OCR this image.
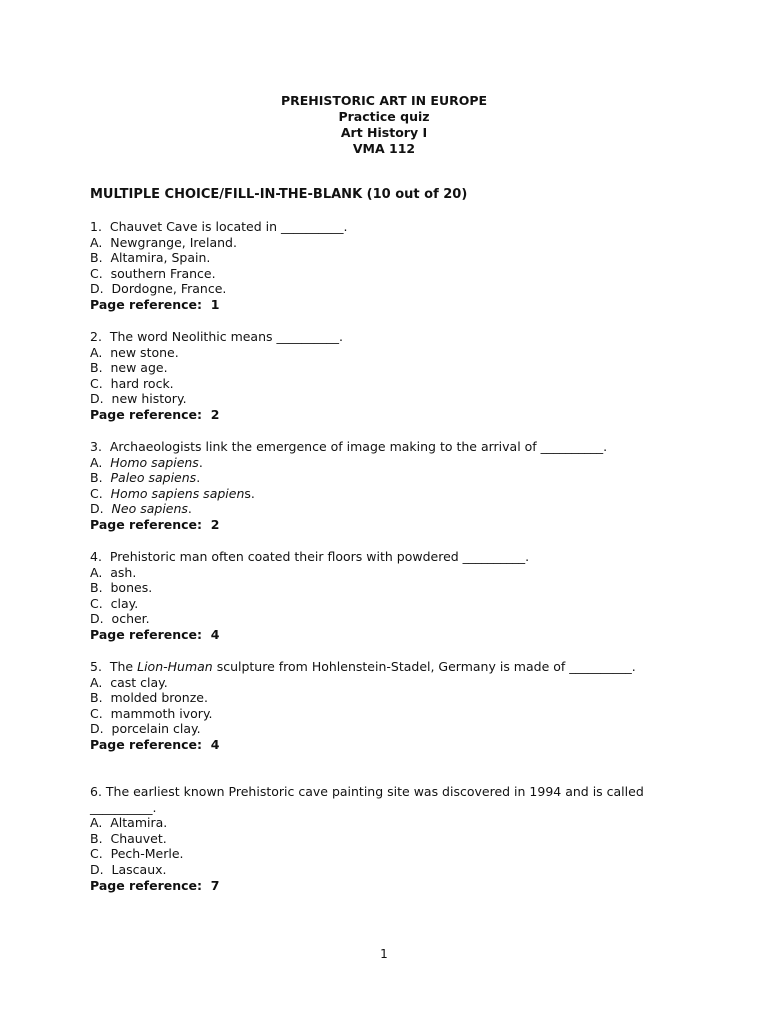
PREHISTORIC ART IN EUROPE
Practice quiz
Art History I
VMA 112
MULTIPLE CHOICE/FILL-IN-THE-BLANK (10 out of 20)
1.  Chauvet Cave is located in __________.
A.  Newgrange, Ireland.
B.  Altamira, Spain.
C.  southern France.
D.  Dordogne, France.
Page reference:  1
2.  The word Neolithic means __________.
A.  new stone.
B.  new age.
C.  hard rock.
D.  new history.
Page reference:  2
3.  Archaeologists link the emergence of image making to the arrival of __________.
A.  Homo sapiens.
B.  Paleo sapiens.
C.  Homo sapiens sapiens.
D.  Neo sapiens.
Page reference:  2
4.  Prehistoric man often coated their floors with powdered __________.
A.  ash.
B.  bones.
C.  clay.
D.  ocher.
Page reference:  4
5.  The Lion-Human sculpture from Hohlenstein-Stadel, Germany is made of __________.
A.  cast clay.
B.  molded bronze.
C.  mammoth ivory.
D.  porcelain clay.
Page reference:  4
6. The earliest known Prehistoric cave painting site was discovered in 1994 and is called __________.
A.  Altamira.
B.  Chauvet.
C.  Pech-Merle.
D.  Lascaux.
Page reference:  7
1
